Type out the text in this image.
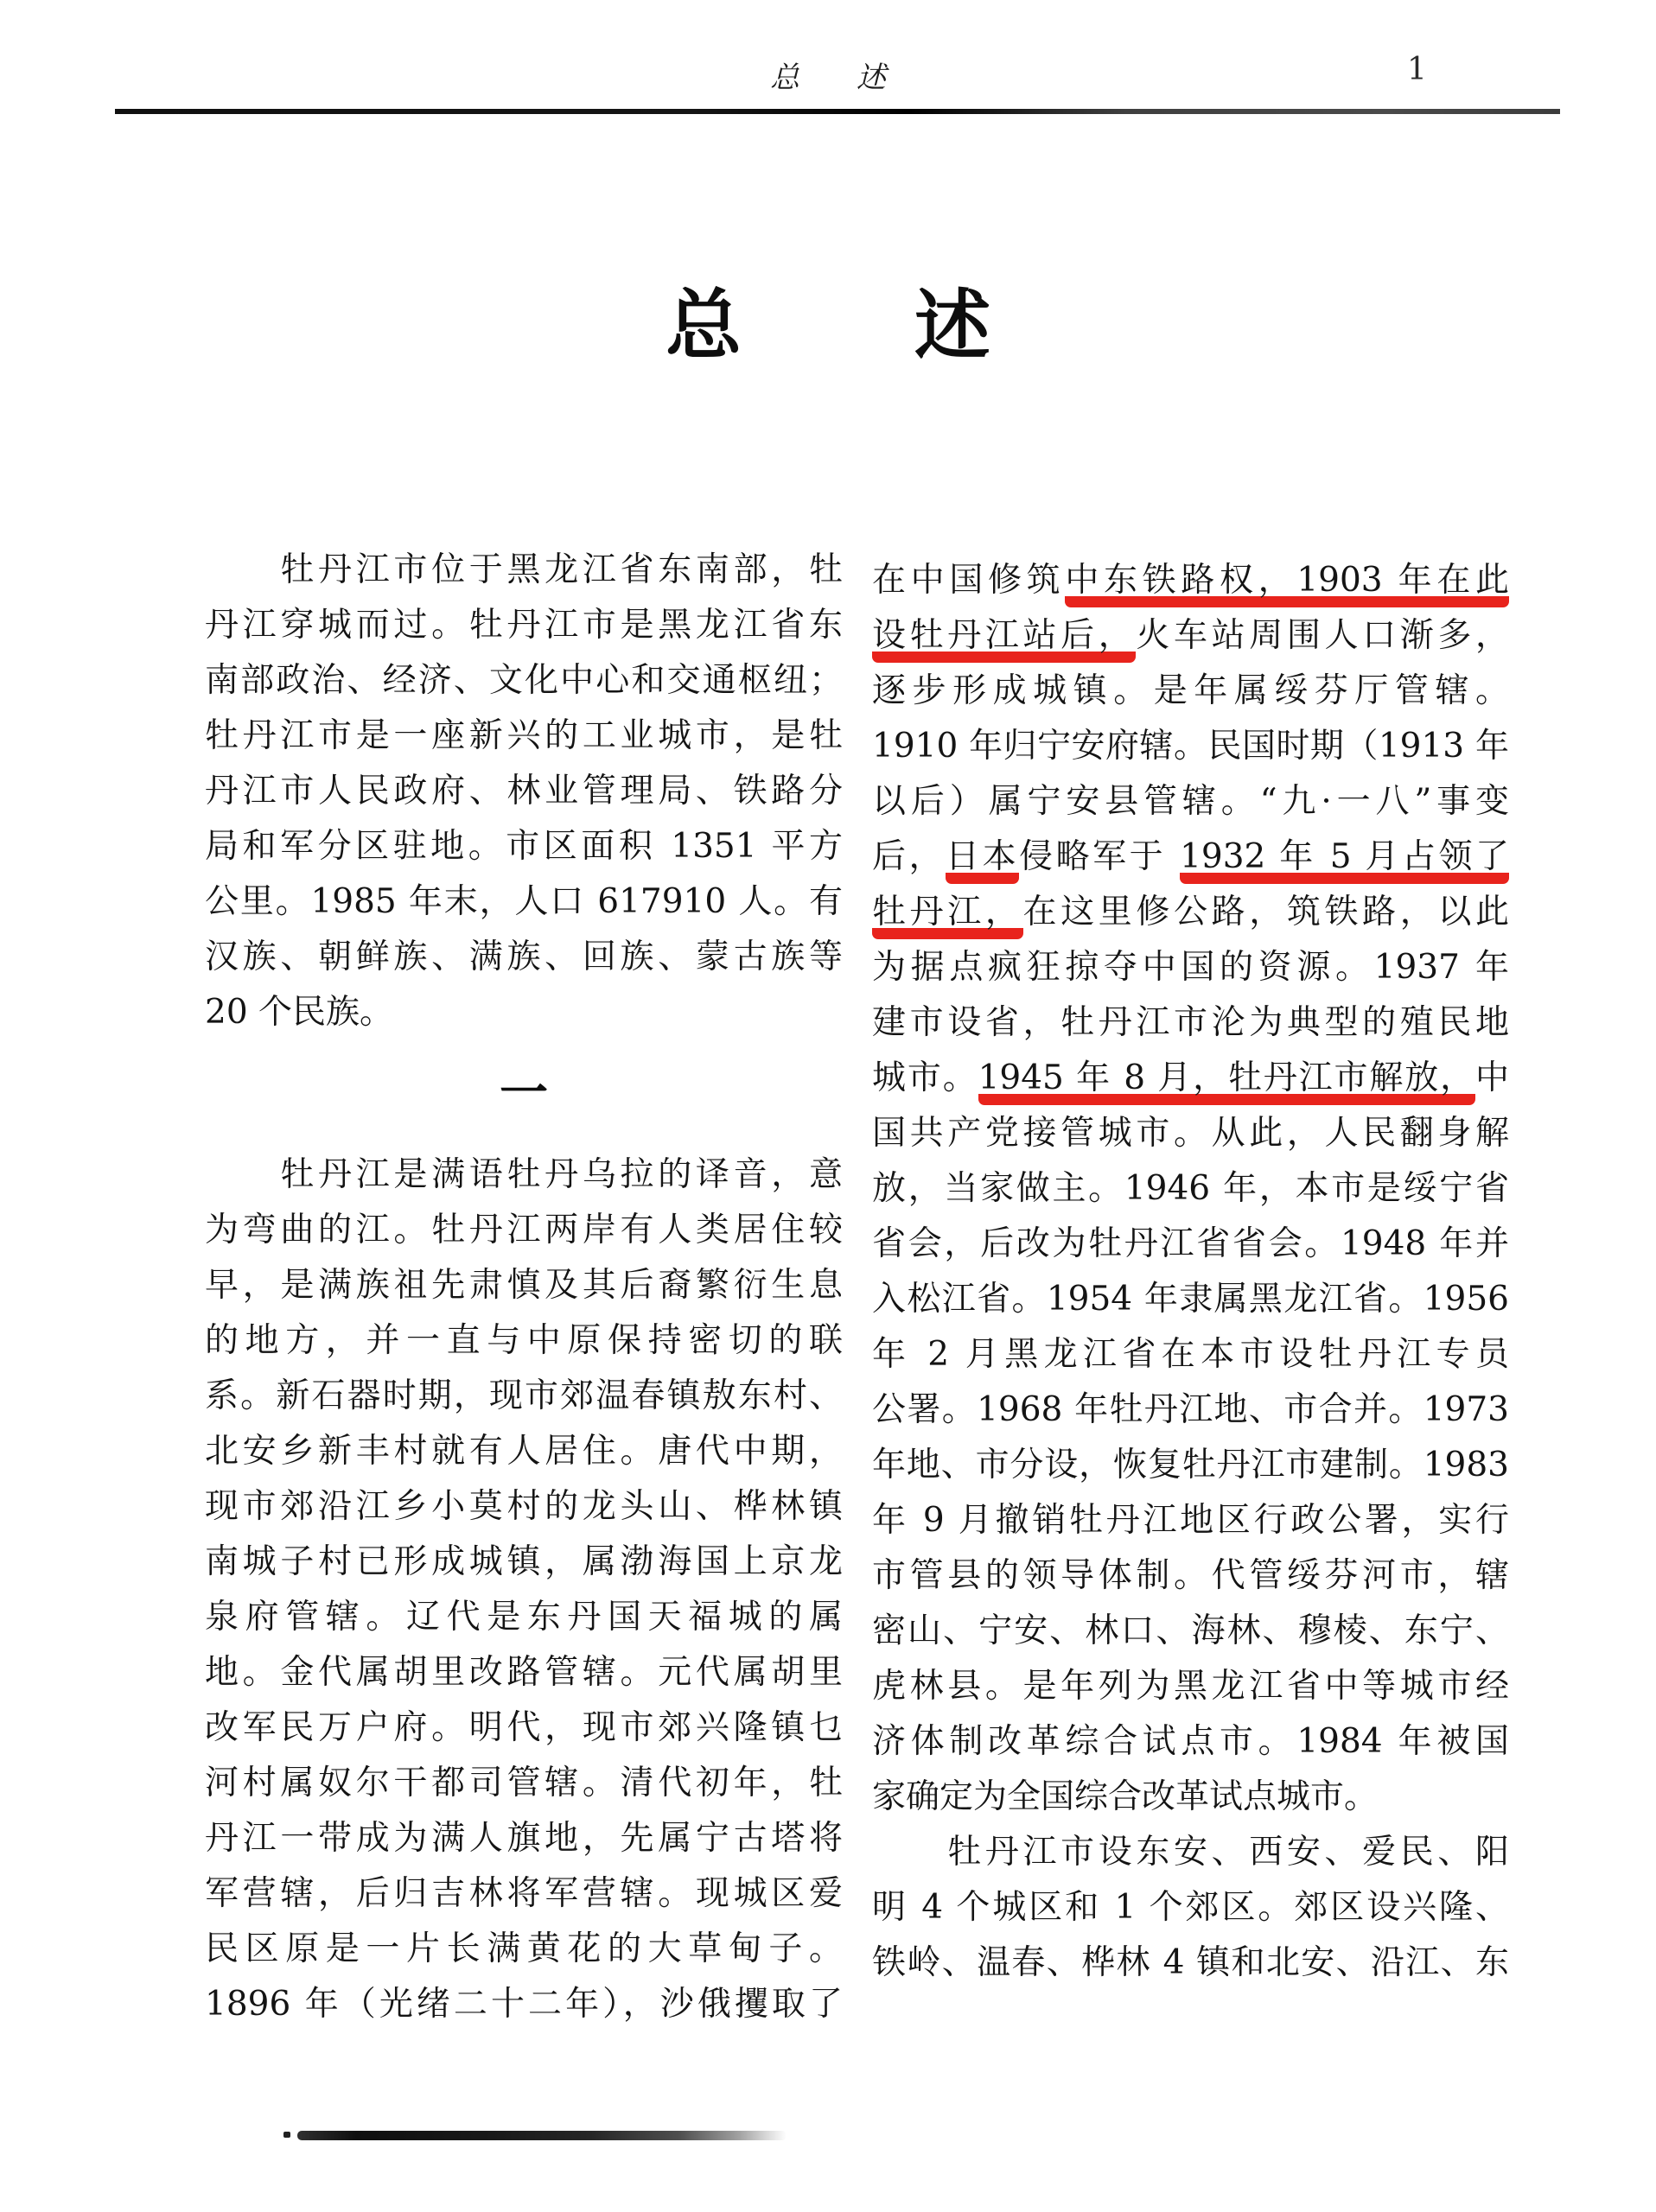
总　述	1
总　述
　　牡丹江市位于黑龙江省东南部，牡
丹江穿城而过。牡丹江市是黑龙江省东
南部政治、经济、文化中心和交通枢纽；
牡丹江市是一座新兴的工业城市，是牡
丹江市人民政府、林业管理局、铁路分
局和军分区驻地。市区面积 1351 平方
公里。1985 年末，人口 617910 人。有
汉族、朝鲜族、满族、回族、蒙古族等
20 个民族。
一
　　牡丹江是满语牡丹乌拉的译音，意
为弯曲的江。牡丹江两岸有人类居住较
早，是满族祖先肃慎及其后裔繁衍生息
的地方，并一直与中原保持密切的联
系。新石器时期，现市郊温春镇敖东村、
北安乡新丰村就有人居住。唐代中期，
现市郊沿江乡小莫村的龙头山、桦林镇
南城子村已形成城镇，属渤海国上京龙
泉府管辖。辽代是东丹国天福城的属
地。金代属胡里改路管辖。元代属胡里
改军民万户府。明代，现市郊兴隆镇乜
河村属奴尔干都司管辖。清代初年，牡
丹江一带成为满人旗地，先属宁古塔将
军营辖，后归吉林将军营辖。现城区爱
民区原是一片长满黄花的大草甸子。
1896 年（光绪二十二年），沙俄攫取了
在中国修筑中东铁路权，1903 年在此
设牡丹江站后，火车站周围人口渐多，
逐步形成城镇。是年属绥芬厅管辖。
1910 年归宁安府辖。民国时期（1913 年
以后）属宁安县管辖。“九·一八”事变
后，日本侵略军于 1932 年 5 月占领了
牡丹江，在这里修公路，筑铁路，以此
为据点疯狂掠夺中国的资源。1937 年
建市设省，牡丹江市沦为典型的殖民地
城市。1945 年 8 月，牡丹江市解放，中
国共产党接管城市。从此，人民翻身解
放，当家做主。1946 年，本市是绥宁省
省会，后改为牡丹江省省会。1948 年并
入松江省。1954 年隶属黑龙江省。1956
年 2 月黑龙江省在本市设牡丹江专员
公署。1968 年牡丹江地、市合并。1973
年地、市分设，恢复牡丹江市建制。1983
年 9 月撤销牡丹江地区行政公署，实行
市管县的领导体制。代管绥芬河市，辖
密山、宁安、林口、海林、穆棱、东宁、
虎林县。是年列为黑龙江省中等城市经
济体制改革综合试点市。1984 年被国
家确定为全国综合改革试点城市。
　　牡丹江市设东安、西安、爱民、阳
明 4 个城区和 1 个郊区。郊区设兴隆、
铁岭、温春、桦林 4 镇和北安、沿江、东
